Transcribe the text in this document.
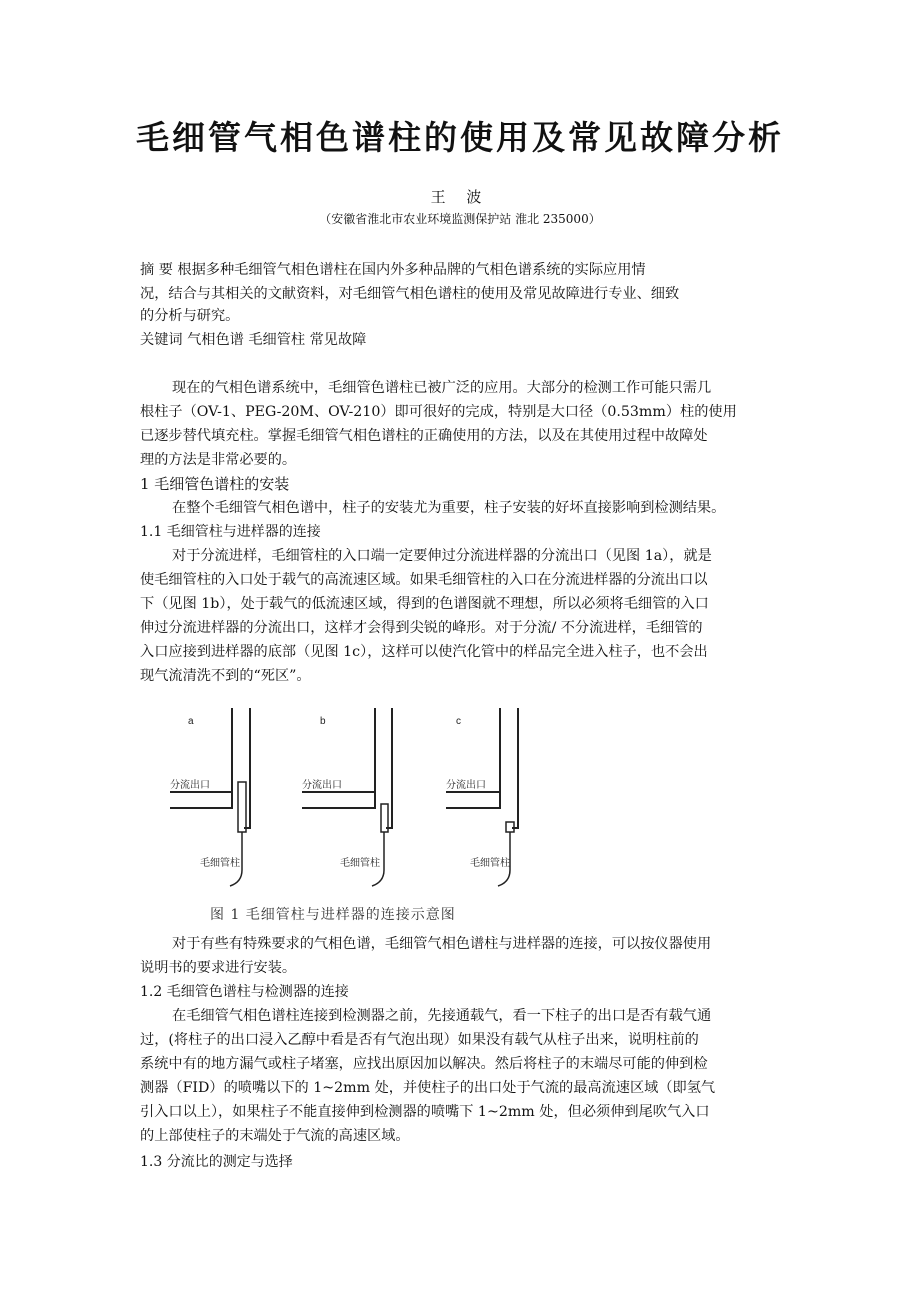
毛细管气相色谱柱的使用及常见故障分析
王 波
（安徽省淮北市农业环境监测保护站 淮北 235000）
摘 要 根据多种毛细管气相色谱柱在国内外多种品牌的气相色谱系统的实际应用情
况，结合与其相关的文献资料，对毛细管气相色谱柱的使用及常见故障进行专业、细致
的分析与研究。
关键词 气相色谱 毛细管柱 常见故障
现在的气相色谱系统中，毛细管色谱柱已被广泛的应用。大部分的检测工作可能只需几
根柱子（OV-1、PEG-20M、OV-210）即可很好的完成，特别是大口径（0.53mm）柱的使用
已逐步替代填充柱。掌握毛细管气相色谱柱的正确使用的方法，以及在其使用过程中故障处
理的方法是非常必要的。
1 毛细管色谱柱的安装
在整个毛细管气相色谱中，柱子的安装尤为重要，柱子安装的好坏直接影响到检测结果。
1.1 毛细管柱与进样器的连接
对于分流进样，毛细管柱的入口端一定要伸过分流进样器的分流出口（见图 1a），就是
使毛细管柱的入口处于载气的高流速区域。如果毛细管柱的入口在分流进样器的分流出口以
下（见图 1b），处于载气的低流速区域，得到的色谱图就不理想，所以必须将毛细管的入口
伸过分流进样器的分流出口，这样才会得到尖锐的峰形。对于分流/ 不分流进样，毛细管的
入口应接到进样器的底部（见图 1c），这样可以使汽化管中的样品完全进入柱子，也不会出
现气流清洗不到的“死区”。
a	b	c
分流出口	分流出口	分流出口
毛细管柱	毛细管柱	毛细管柱
图 1 毛细管柱与进样器的连接示意图
对于有些有特殊要求的气相色谱，毛细管气相色谱柱与进样器的连接，可以按仪器使用
说明书的要求进行安装。
1.2 毛细管色谱柱与检测器的连接
在毛细管气相色谱柱连接到检测器之前，先接通载气，看一下柱子的出口是否有载气通
过，(将柱子的出口浸入乙醇中看是否有气泡出现）如果没有载气从柱子出来，说明柱前的
系统中有的地方漏气或柱子堵塞，应找出原因加以解决。然后将柱子的末端尽可能的伸到检
测器（FID）的喷嘴以下的 1~2mm 处，并使柱子的出口处于气流的最高流速区域（即氢气
引入口以上），如果柱子不能直接伸到检测器的喷嘴下 1~2mm 处，但必须伸到尾吹气入口
的上部使柱子的末端处于气流的高速区域。
1.3 分流比的测定与选择
